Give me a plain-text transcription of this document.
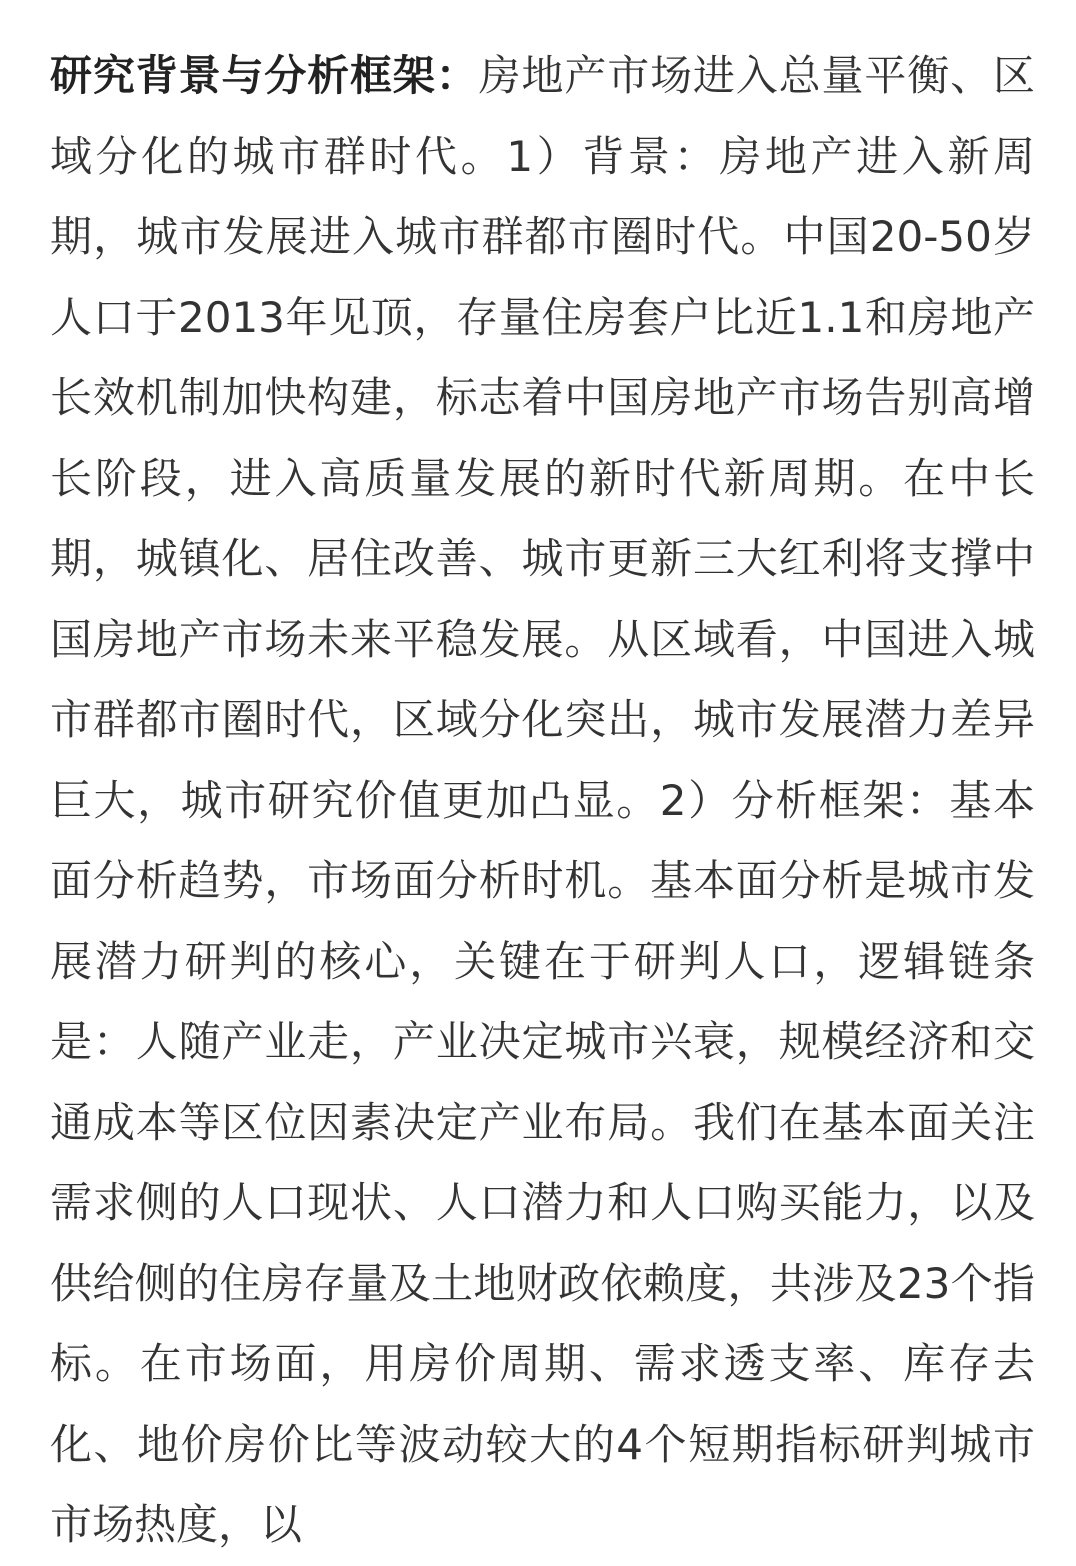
研究背景与分析框架：房地产市场进入总量平衡、区域分化的城市群时代。1）背景：房地产进入新周期，城市发展进入城市群都市圈时代。中国20-50岁人口于2013年见顶，存量住房套户比近1.1和房地产长效机制加快构建，标志着中国房地产市场告别高增长阶段，进入高质量发展的新时代新周期。在中长期，城镇化、居住改善、城市更新三大红利将支撑中国房地产市场未来平稳发展。从区域看，中国进入城市群都市圈时代，区域分化突出，城市发展潜力差异巨大，城市研究价值更加凸显。2）分析框架：基本面分析趋势，市场面分析时机。基本面分析是城市发展潜力研判的核心，关键在于研判人口，逻辑链条是：人随产业走，产业决定城市兴衰，规模经济和交通成本等区位因素决定产业布局。我们在基本面关注需求侧的人口现状、人口潜力和人口购买能力，以及供给侧的住房存量及土地财政依赖度，共涉及23个指标。在市场面，用房价周期、需求透支率、库存去化、地价房价比等波动较大的4个短期指标研判城市市场热度，以
